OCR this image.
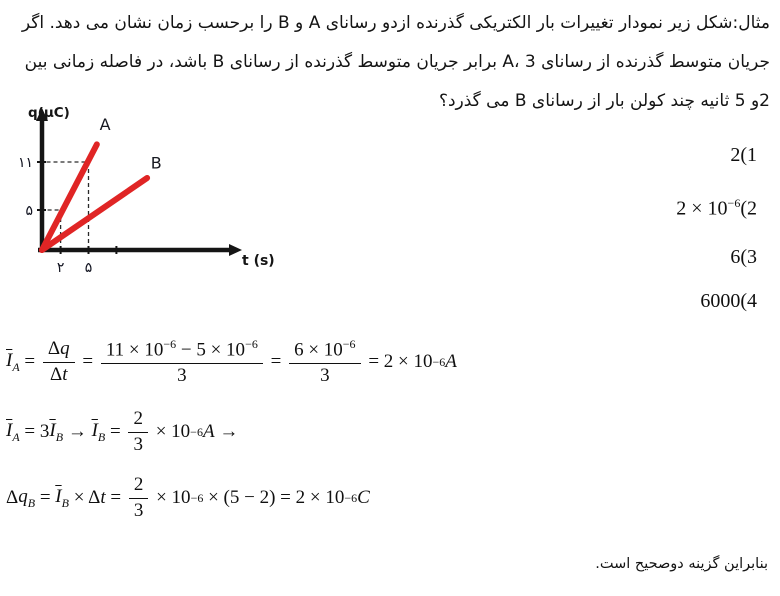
مثال:شکل زیر نمودار تغییرات بار الکتریکی گذرنده ازدو رسانای A و B را برحسب زمان نشان می دهد. اگر
جریان متوسط گذرنده از رسانای A، 3 برابر جریان متوسط گذرنده از رسانای B باشد، در فاصله زمانی بین
2و 5 ثانیه چند کولن بار از رسانای B می گذرد؟
q(μC)
t (s)
۲ ۵
۵
۱۱
A
B	2(1
$2 \times 10^{-6}(2$
6(3
6000(4
$\overline{I}_A = \frac{\Delta q}{\Delta t} = \frac{11 \times 10^{-6} - 5 \times 10^{-6}}{3} = \frac{6 \times 10^{-6}}{3} = 2 \times 10 -6$ A
$\overline{I}_A = 3$ $\overline{I}_B \to \overline{I}_B = \frac{2}{3} \times 10 -6$ A →
Δ $q_B = \overline{I}_B \times \Delta$ $t = \frac{2}{3} \times 10 -6 \times (5 - 2) = 2 \times 10 -6$ C
بنابراین گزینه دوصحیح است.
